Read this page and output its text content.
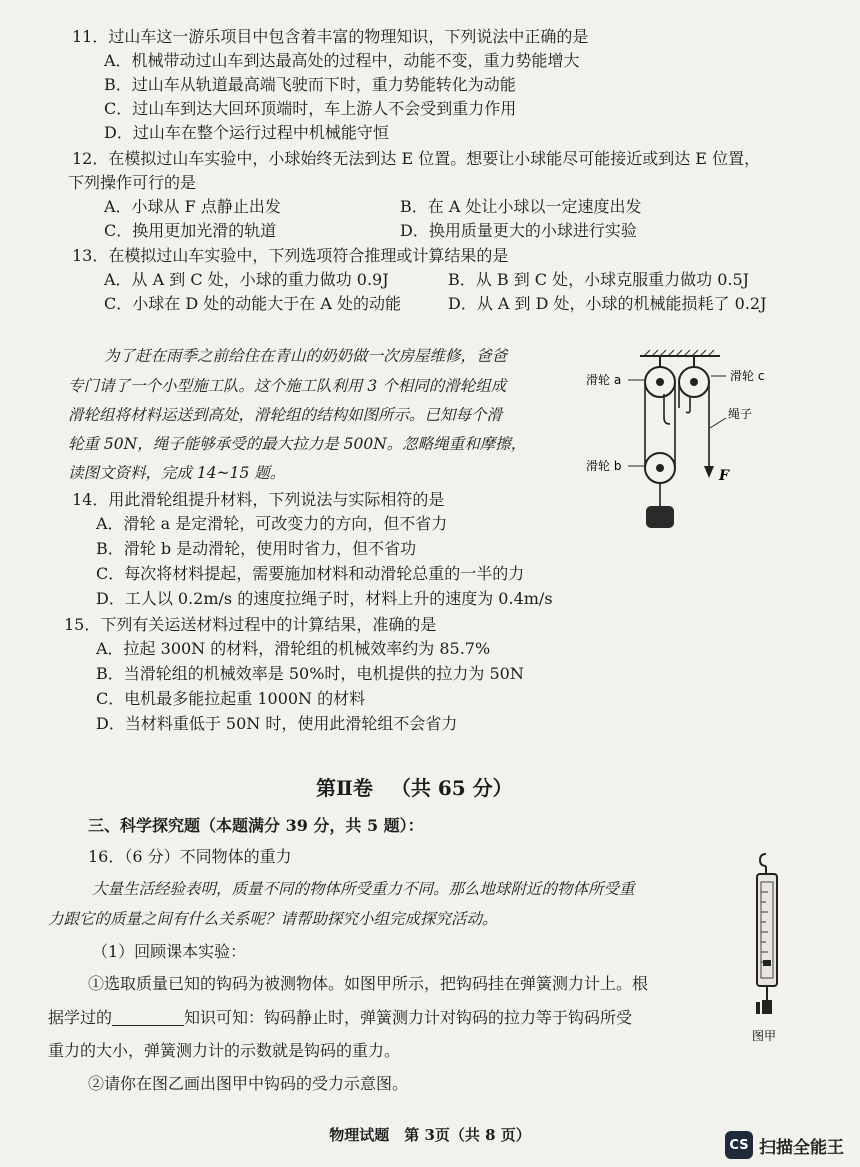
11．过山车这一游乐项目中包含着丰富的物理知识，下列说法中正确的是
A．机械带动过山车到达最高处的过程中，动能不变，重力势能增大
B．过山车从轨道最高端飞驶而下时，重力势能转化为动能
C．过山车到达大回环顶端时，车上游人不会受到重力作用
D．过山车在整个运行过程中机械能守恒
12．在模拟过山车实验中，小球始终无法到达 E 位置。想要让小球能尽可能接近或到达 E 位置，
下列操作可行的是
A．小球从 F 点静止出发	B．在 A 处让小球以一定速度出发
C．换用更加光滑的轨道	D．换用质量更大的小球进行实验
13．在模拟过山车实验中，下列选项符合推理或计算结果的是
A．从 A 到 C 处，小球的重力做功 0.9J	B．从 B 到 C 处，小球克服重力做功 0.5J
C．小球在 D 处的动能大于在 A 处的动能	D．从 A 到 D 处，小球的机械能损耗了 0.2J
为了赶在雨季之前给住在青山的奶奶做一次房屋维修，爸爸
专门请了一个小型施工队。这个施工队利用 3 个相同的滑轮组成
滑轮组将材料运送到高处，滑轮组的结构如图所示。已知每个滑
轮重 50N，绳子能够承受的最大拉力是 500N。忽略绳重和摩擦，
读图文资料，完成 14~15 题。
滑轮 a	滑轮 c
滑轮 b
绳子
F
14．用此滑轮组提升材料，下列说法与实际相符的是
A．滑轮 a 是定滑轮，可改变力的方向，但不省力
B．滑轮 b 是动滑轮，使用时省力，但不省功
C．每次将材料提起，需要施加材料和动滑轮总重的一半的力
D．工人以 0.2m/s 的速度拉绳子时，材料上升的速度为 0.4m/s
15．下列有关运送材料过程中的计算结果，准确的是
A．拉起 300N 的材料，滑轮组的机械效率约为 85.7%
B．当滑轮组的机械效率是 50%时，电机提供的拉力为 50N
C．电机最多能拉起重 1000N 的材料
D．当材料重低于 50N 时，使用此滑轮组不会省力
第Ⅱ卷 （共 65 分）
三、科学探究题（本题满分 39 分，共 5 题）：
16．（6 分）不同物体的重力
大量生活经验表明，质量不同的物体所受重力不同。那么地球附近的物体所受重
力跟它的质量之间有什么关系呢？请帮助探究小组完成探究活动。
（1）回顾课本实验：
①选取质量已知的钩码为被测物体。如图甲所示，把钩码挂在弹簧测力计上。根
据学过的	知识可知：钩码静止时，弹簧测力计对钩码的拉力等于钩码所受
重力的大小，弹簧测力计的示数就是钩码的重力。
②请你在图乙画出图甲中钩码的受力示意图。
图甲
物理试题　第 3页（共 8 页）
CS 扫描全能王
